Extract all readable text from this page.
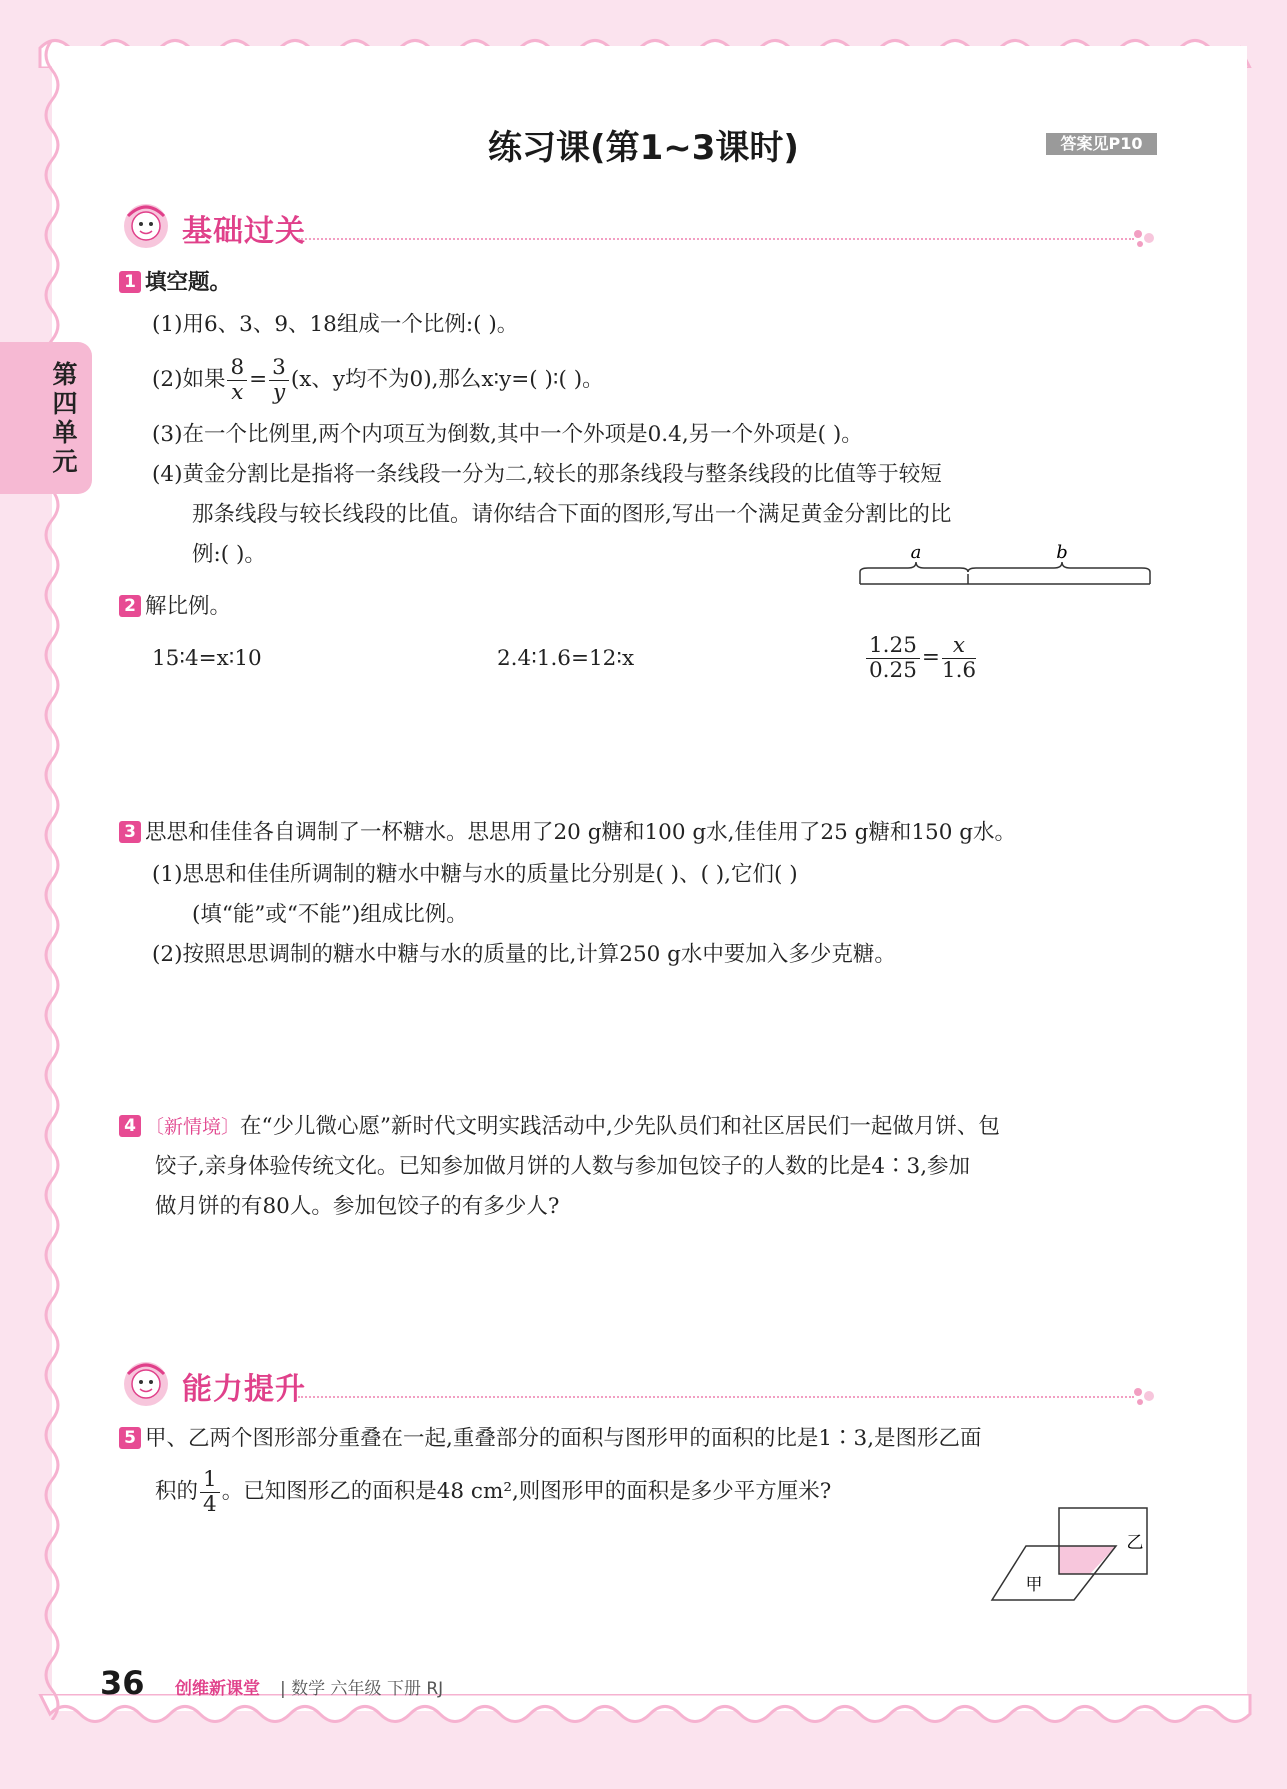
第四单元
练习课(第1~3课时)	答案见P10
基础过关
1 填空题。
(1)用6、3、9、18组成一个比例:( )。
(2)如果 $\frac{8}{x} = \frac{3}{y} (x$、y均不为0),那么x∶y=( )∶( )。
(3)在一个比例里,两个内项互为倒数,其中一个外项是0.4,另一个外项是( )。
(4)黄金分割比是指将一条线段一分为二,较长的那条线段与整条线段的比值等于较短
那条线段与较长线段的比值。请你结合下面的图形,写出一个满足黄金分割比的比
例:( )。	a	b
2 解比例。
15∶4=x∶10	2.4∶1.6=12∶x	$\frac{1.25}{0.25} = \frac{x}{1.6}$
3 思思和佳佳各自调制了一杯糖水。思思用了20 g糖和100 g水,佳佳用了25 g糖和150 g水。
(1)思思和佳佳所调制的糖水中糖与水的质量比分别是( )、( ),它们( )
(填“能”或“不能”)组成比例。
(2)按照思思调制的糖水中糖与水的质量的比,计算250 g水中要加入多少克糖。
4 〔新情境〕在“少儿微心愿”新时代文明实践活动中,少先队员们和社区居民们一起做月饼、包
饺子,亲身体验传统文化。已知参加做月饼的人数与参加包饺子的人数的比是4∶3,参加
做月饼的有80人。参加包饺子的有多少人?
能力提升
5 甲、乙两个图形部分重叠在一起,重叠部分的面积与图形甲的面积的比是1∶3,是图形乙面
积的 $\frac{1}{4}$ 。已知图形乙的面积是48 cm²,则图形甲的面积是多少平方厘米?
甲
乙
36 创维新课堂 | 数学 六年级 下册 RJ
